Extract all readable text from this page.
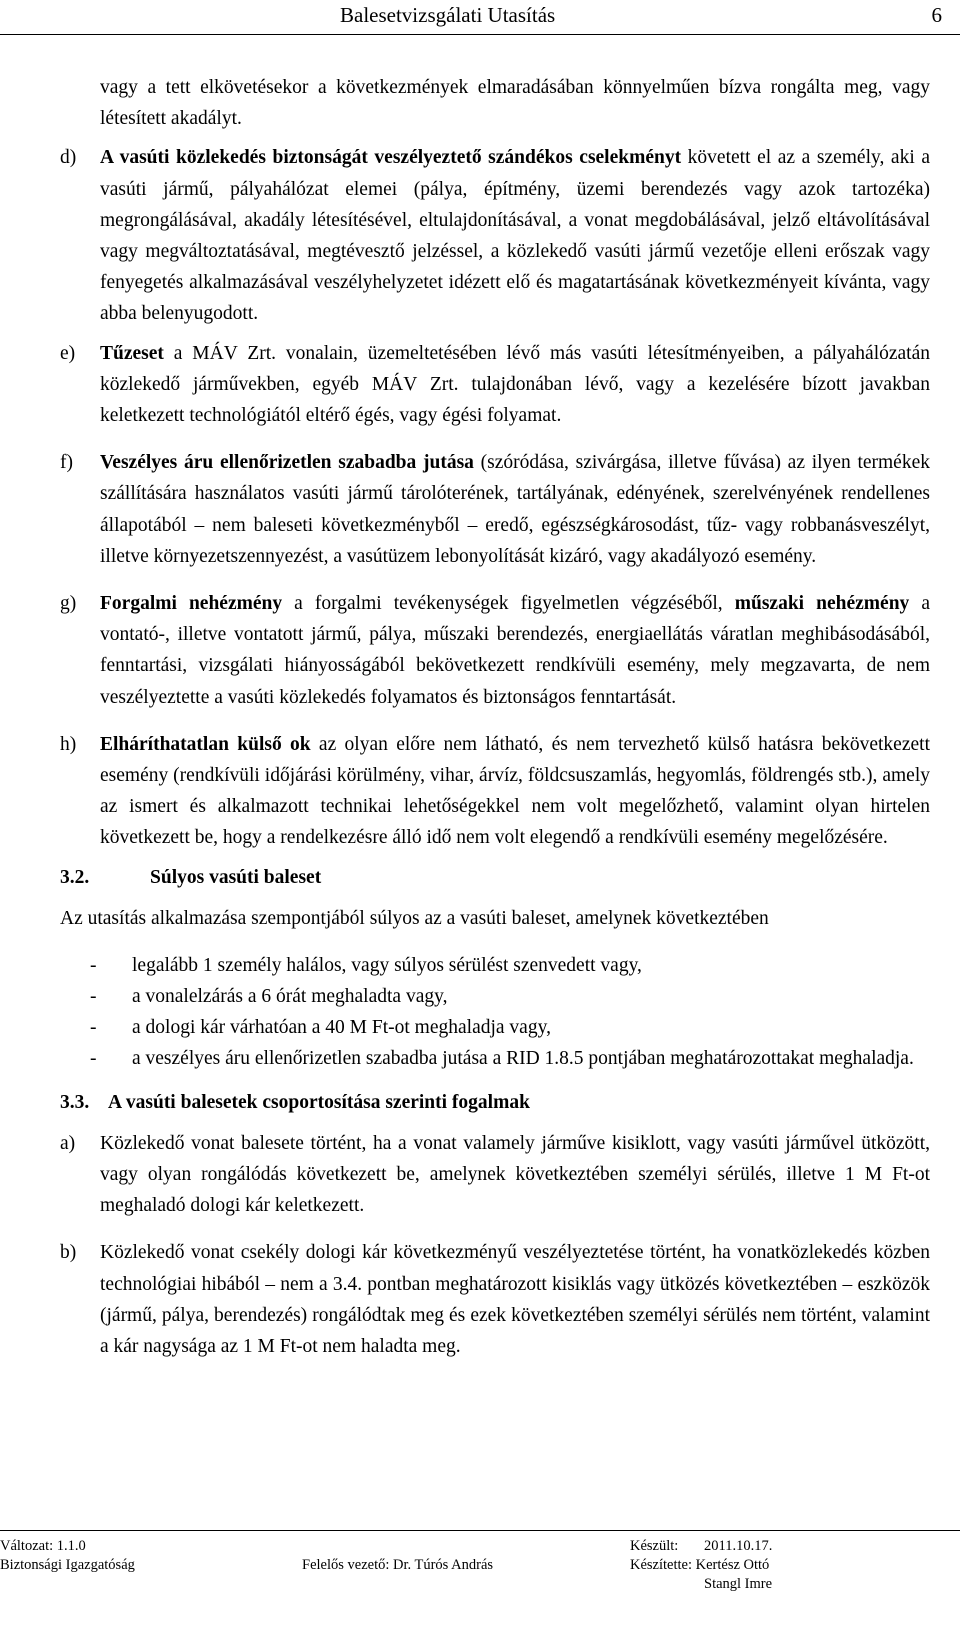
Balesetvizsgálati Utasítás	6
vagy a tett elkövetésekor a következmények elmaradásában könnyelműen bízva rongálta meg, vagy létesített akadályt.
d) A vasúti közlekedés biztonságát veszélyeztető szándékos cselekményt követett el az a személy, aki a vasúti jármű, pályahálózat elemei (pálya, építmény, üzemi berendezés vagy azok tartozéka) megrongálásával, akadály létesítésével, eltulajdonításával, a vonat megdobálásával, jelző eltávolításával vagy megváltoztatásával, megtévesztő jelzéssel, a közlekedő vasúti jármű vezetője elleni erőszak vagy fenyegetés alkalmazásával veszélyhelyzetet idézett elő és magatartásának következményeit kívánta, vagy abba belenyugodott.
e) Tűzeset a MÁV Zrt. vonalain, üzemeltetésében lévő más vasúti létesítményeiben, a pályahálózatán közlekedő járművekben, egyéb MÁV Zrt. tulajdonában lévő, vagy a kezelésére bízott javakban keletkezett technológiától eltérő égés, vagy égési folyamat.
f) Veszélyes áru ellenőrizetlen szabadba jutása (szóródása, szivárgása, illetve fűvása) az ilyen termékek szállítására használatos vasúti jármű tárolóterének, tartályának, edényének, szerelvényének rendellenes állapotából – nem baleseti következményből – eredő, egészségkárosodást, tűz- vagy robbanásveszélyt, illetve környezetszennyezést, a vasútüzem lebonyolítását kizáró, vagy akadályozó esemény.
g) Forgalmi nehézmény a forgalmi tevékenységek figyelmetlen végzéséből, műszaki nehézmény a vontató-, illetve vontatott jármű, pálya, műszaki berendezés, energiaellátás váratlan meghibásodásából, fenntartási, vizsgálati hiányosságából bekövetkezett rendkívüli esemény, mely megzavarta, de nem veszélyeztette a vasúti közlekedés folyamatos és biztonságos fenntartását.
h) Elháríthatatlan külső ok az olyan előre nem látható, és nem tervezhető külső hatásra bekövetkezett esemény (rendkívüli időjárási körülmény, vihar, árvíz, földcsuszamlás, hegyomlás, földrengés stb.), amely az ismert és alkalmazott technikai lehetőségekkel nem volt megelőzhető, valamint olyan hirtelen következett be, hogy a rendelkezésre álló idő nem volt elegendő a rendkívüli esemény megelőzésére.
3.2.	Súlyos vasúti baleset
Az utasítás alkalmazása szempontjából súlyos az a vasúti baleset, amelynek következtében
- legalább 1 személy halálos, vagy súlyos sérülést szenvedett vagy,
- a vonalelzárás a 6 órát meghaladta vagy,
- a dologi kár várhatóan a 40 M Ft-ot meghaladja vagy,
- a veszélyes áru ellenőrizetlen szabadba jutása a RID 1.8.5 pontjában meghatározottakat meghaladja.
3.3. A vasúti balesetek csoportosítása szerinti fogalmak
a) Közlekedő vonat balesete történt, ha a vonat valamely járműve kisiklott, vagy vasúti járművel ütközött, vagy olyan rongálódás következett be, amelynek következtében személyi sérülés, illetve 1 M Ft-ot meghaladó dologi kár keletkezett.
b) Közlekedő vonat csekély dologi kár következményű veszélyeztetése történt, ha vonatközlekedés közben technológiai hibából – nem a 3.4. pontban meghatározott kisiklás vagy ütközés következtében – eszközök (jármű, pálya, berendezés) rongálódtak meg és ezek következtében személyi sérülés nem történt, valamint a kár nagysága az 1 M Ft-ot nem haladta meg.
Változat: 1.1.0
Biztonsági Igazgatóság	Felelős vezető: Dr. Túrós András
Készült: 2011.10.17.
Készítette: Kertész Ottó
Stangl Imre
